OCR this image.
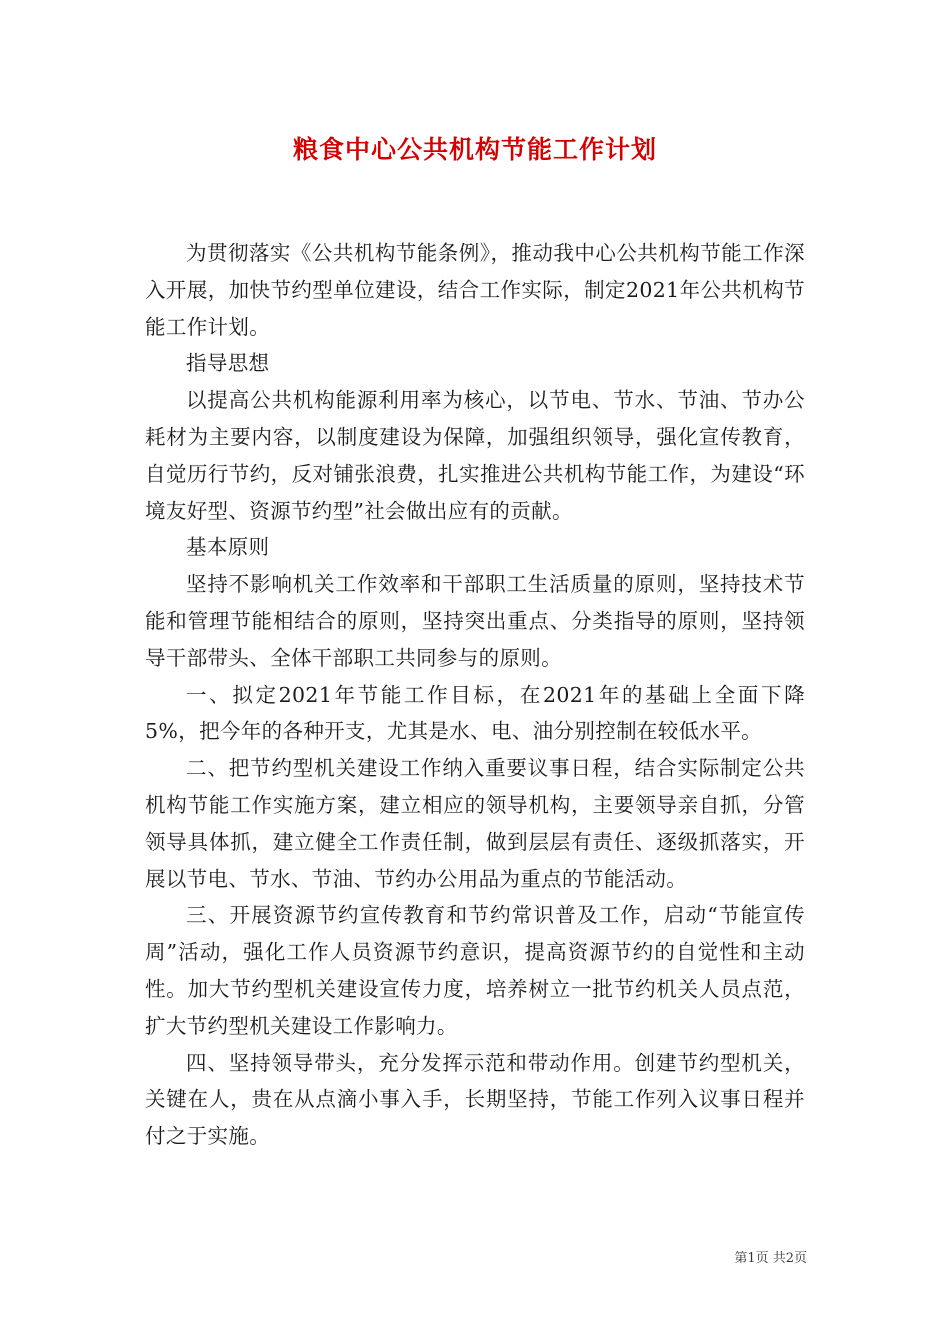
粮食中心公共机构节能工作计划

为贯彻落实《公共机构节能条例》，推动我中心公共机构节能工作深入开展，加快节约型单位建设，结合工作实际，制定2021年公共机构节能工作计划。

指导思想

以提高公共机构能源利用率为核心，以节电、节水、节油、节办公耗材为主要内容，以制度建设为保障，加强组织领导，强化宣传教育，自觉历行节约，反对铺张浪费，扎实推进公共机构节能工作，为建设“环境友好型、资源节约型”社会做出应有的贡献。

基本原则

坚持不影响机关工作效率和干部职工生活质量的原则，坚持技术节能和管理节能相结合的原则，坚持突出重点、分类指导的原则，坚持领导干部带头、全体干部职工共同参与的原则。

一、拟定2021年节能工作目标，在2021年的基础上全面下降5%，把今年的各种开支，尤其是水、电、油分别控制在较低水平。

二、把节约型机关建设工作纳入重要议事日程，结合实际制定公共机构节能工作实施方案，建立相应的领导机构，主要领导亲自抓，分管领导具体抓，建立健全工作责任制，做到层层有责任、逐级抓落实，开展以节电、节水、节油、节约办公用品为重点的节能活动。

三、开展资源节约宣传教育和节约常识普及工作，启动“节能宣传周”活动，强化工作人员资源节约意识，提高资源节约的自觉性和主动性。加大节约型机关建设宣传力度，培养树立一批节约机关人员点范，扩大节约型机关建设工作影响力。

四、坚持领导带头，充分发挥示范和带动作用。创建节约型机关，关键在人，贵在从点滴小事入手，长期坚持，节能工作列入议事日程并付之于实施。

第1页 共2页
